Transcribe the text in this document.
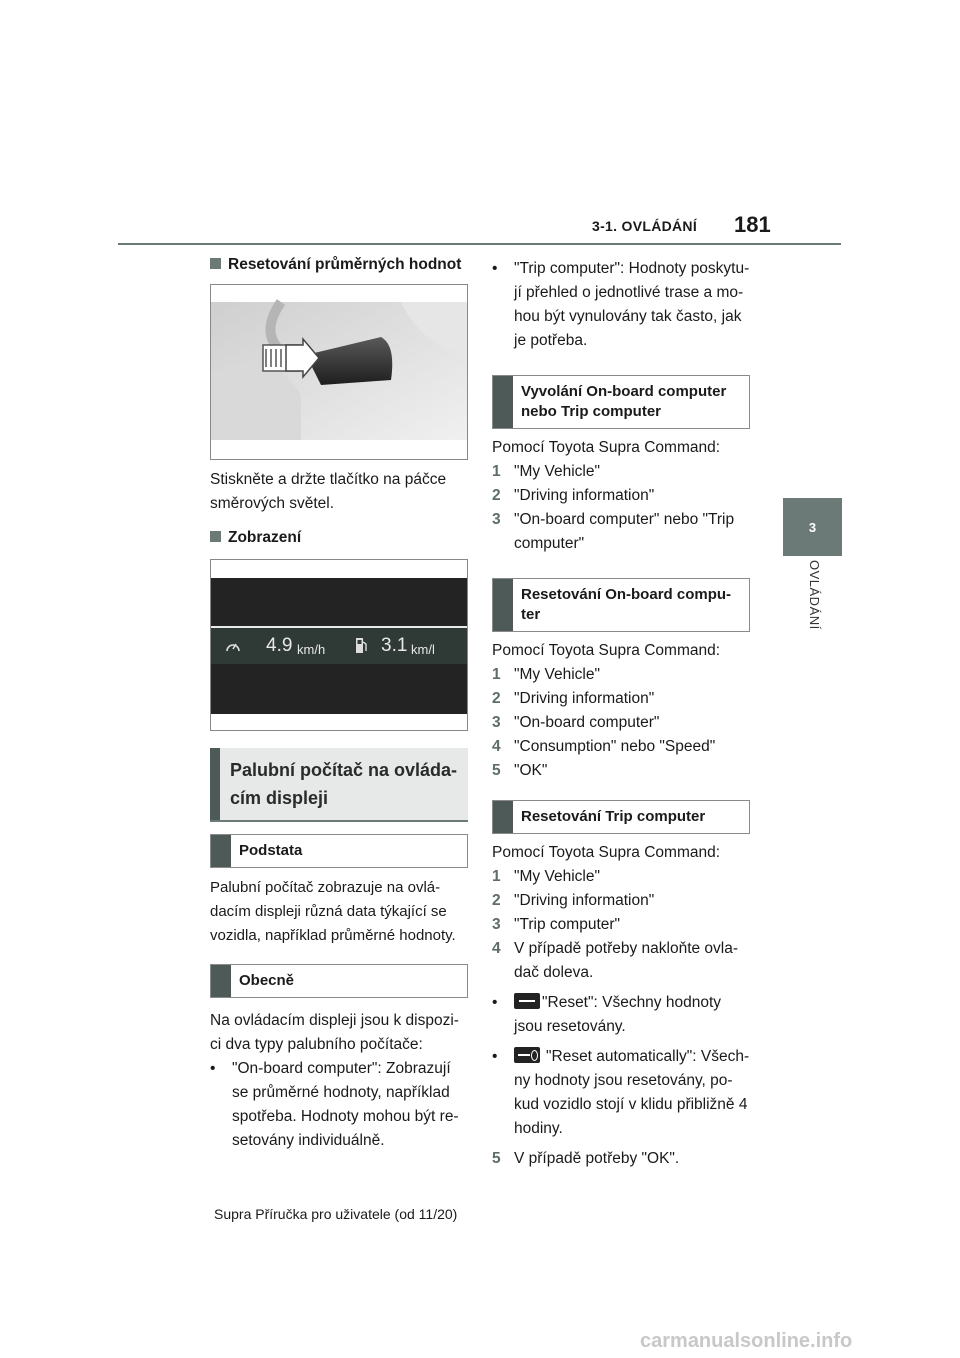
3-1. OVLÁDÁNÍ 181
3
OVLÁDÁNÍ
Resetování průměrných hodnot
Stiskněte a držte tlačítko na páčce směrových světel.
Zobrazení
4.9 km/h	3.1 km/l
Palubní počítač na ovláda-cím displeji
Podstata
Palubní počítač zobrazuje na ovlá-dacím displeji různá data týkající se vozidla, například průměrné hodnoty.
Obecně
Na ovládacím displeji jsou k dispozi-ci dva typy palubního počítače:
•	"On-board computer": Zobrazují se průměrné hodnoty, například spotřeba. Hodnoty mohou být re-setovány individuálně.
•	"Trip computer": Hodnoty poskytu-jí přehled o jednotlivé trase a mo-hou být vynulovány tak často, jak je potřeba.
Vyvolání On-board computer nebo Trip computer
Pomocí Toyota Supra Command:
1 "My Vehicle"
2 "Driving information"
3 "On-board computer" nebo "Trip computer"
Resetování On-board compu-ter
Pomocí Toyota Supra Command:
1 "My Vehicle"
2 "Driving information"
3 "On-board computer"
4 "Consumption" nebo "Speed"
5 "OK"
Resetování Trip computer
Pomocí Toyota Supra Command:
1 "My Vehicle"
2 "Driving information"
3 "Trip computer"
4 V případě potřeby nakloňte ovla-dač doleva.
•	"Reset": Všechny hodnoty jsou resetovány.
•	"Reset automatically": Všech-ny hodnoty jsou resetovány, po-kud vozidlo stojí v klidu přibližně 4 hodiny.
5 V případě potřeby "OK".
Supra Příručka pro uživatele (od 11/20)
carmanualsonline.info
